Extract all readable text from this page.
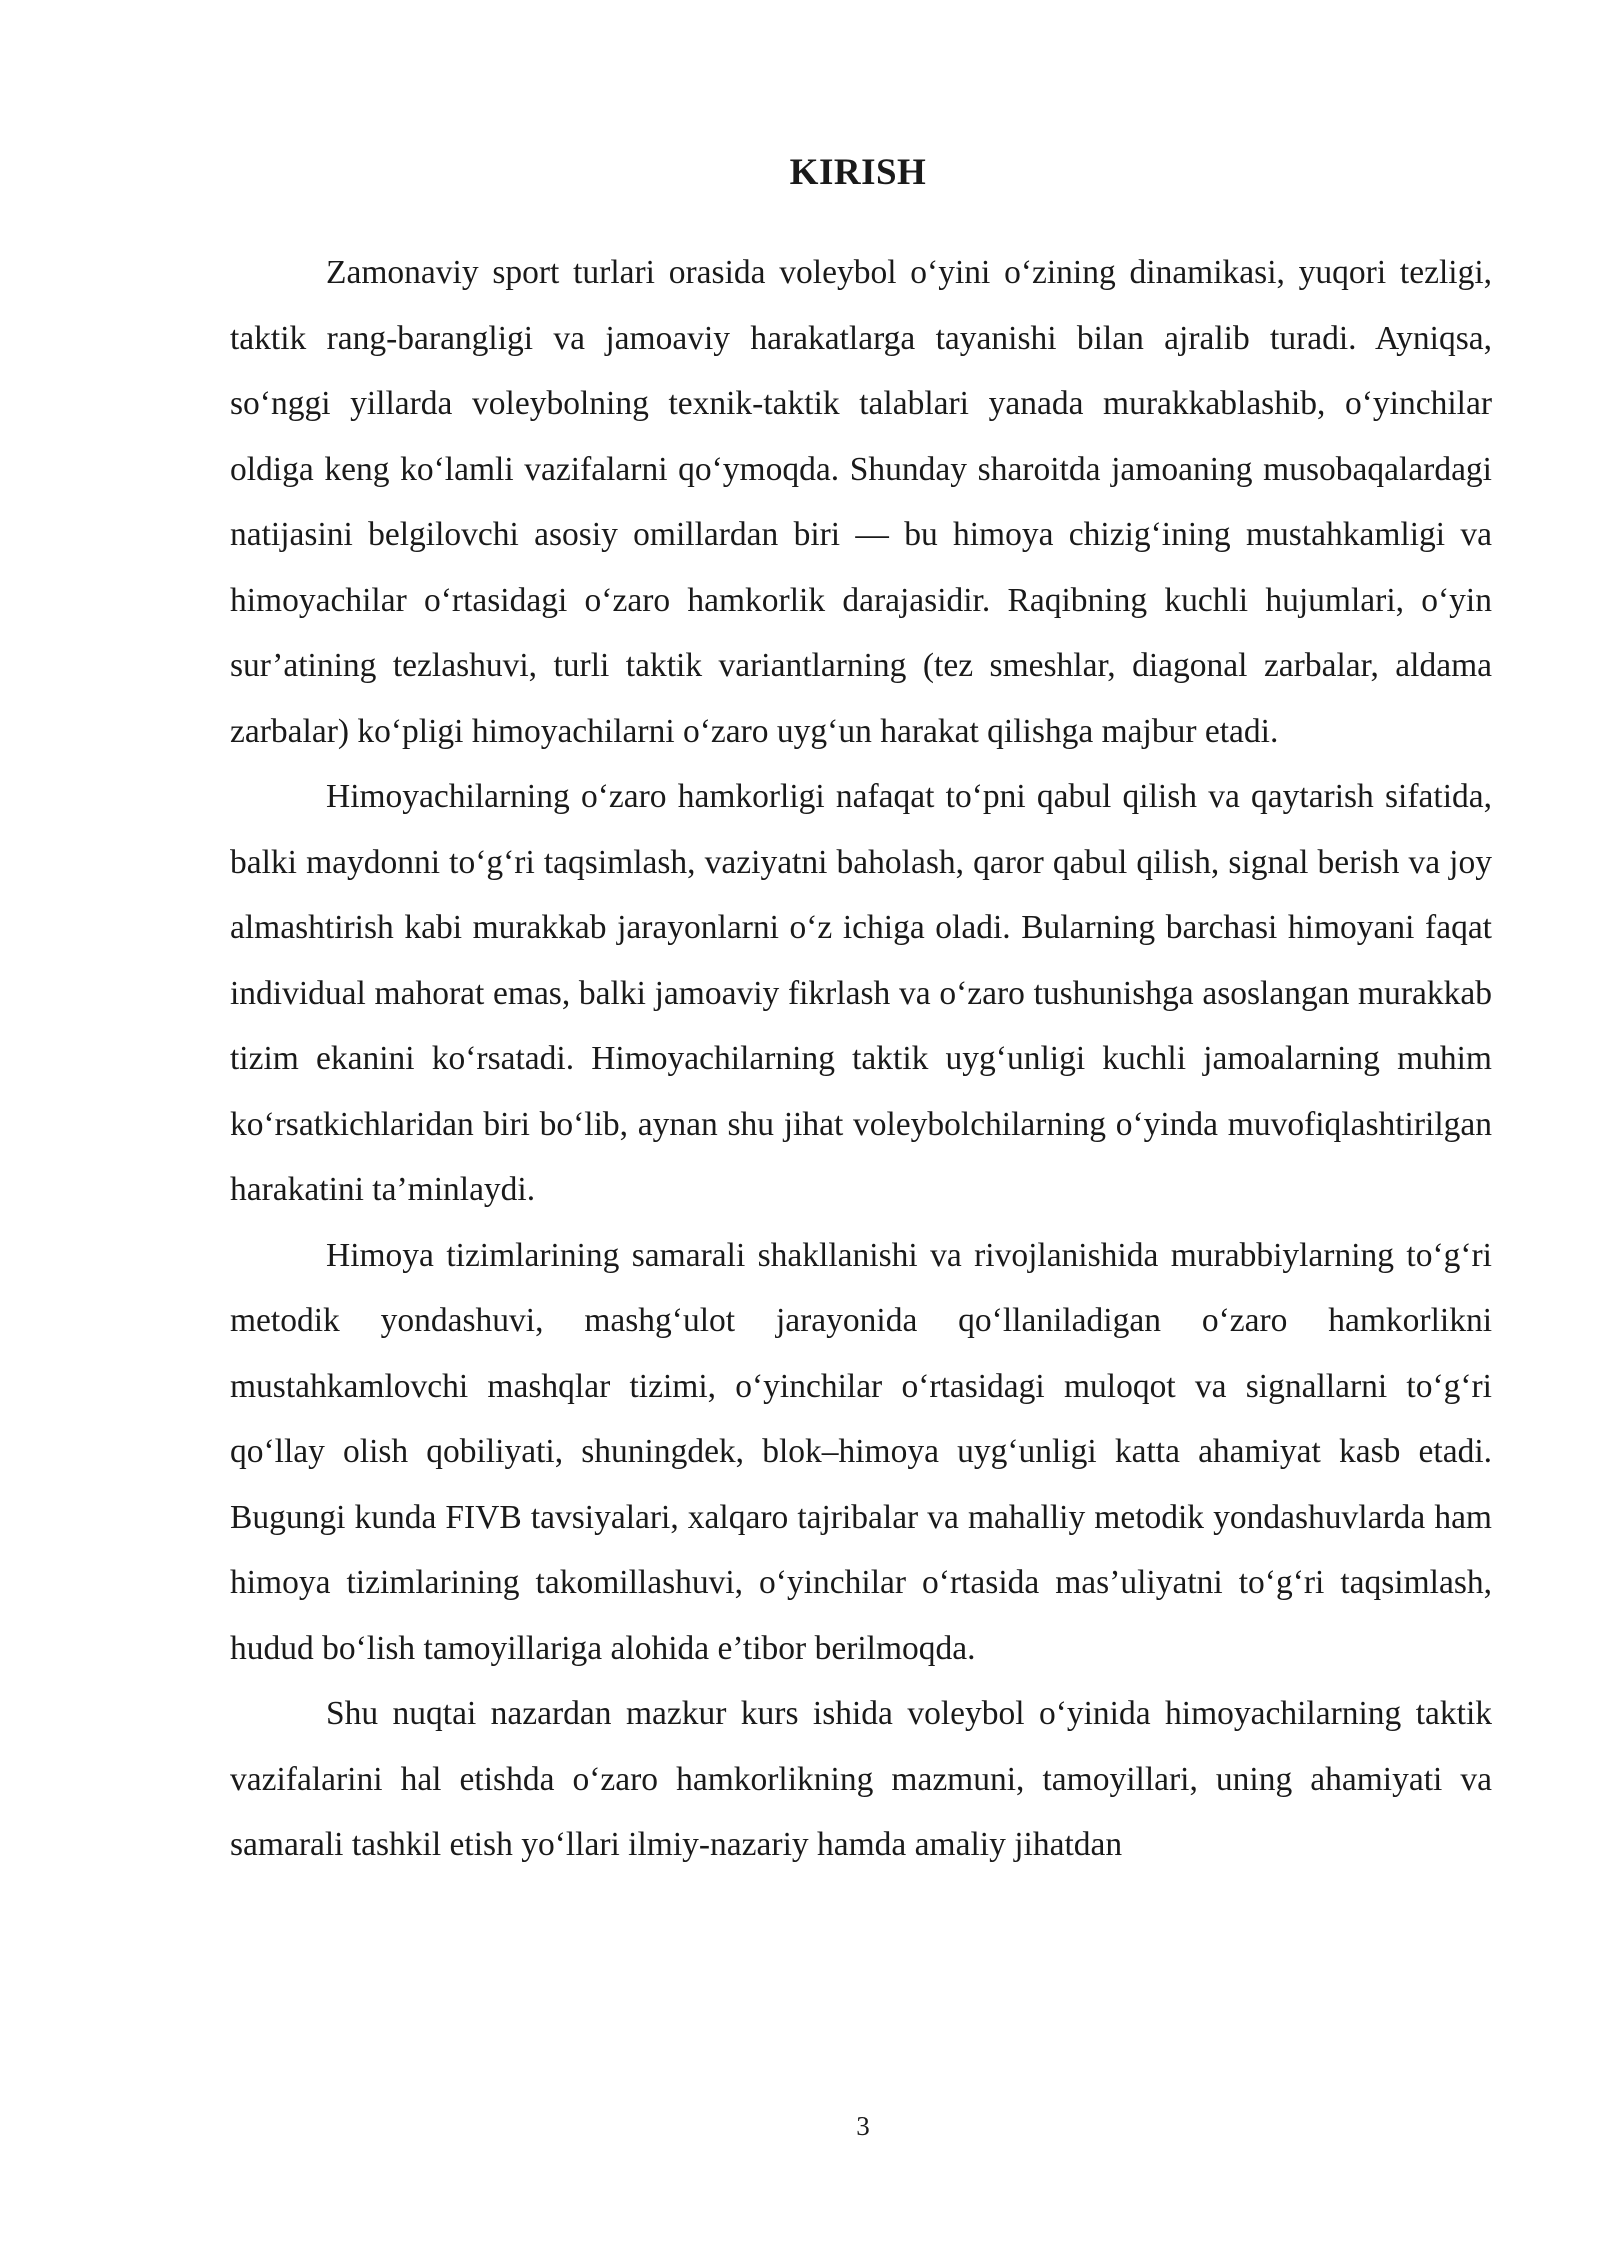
KIRISH

Zamonaviy sport turlari orasida voleybol o‘yini o‘zining dinamikasi, yuqori tezligi, taktik rang-barangligi va jamoaviy harakatlarga tayanishi bilan ajralib turadi. Ayniqsa, so‘nggi yillarda voleybolning texnik-taktik talablari yanada murakkablashib, o‘yinchilar oldiga keng ko‘lamli vazifalarni qo‘ymoqda. Shunday sharoitda jamoaning musobaqalardagi natijasini belgilovchi asosiy omillardan biri — bu himoya chizig‘ining mustahkamligi va himoyachilar o‘rtasidagi o‘zaro hamkorlik darajasidir. Raqibning kuchli hujumlari, o‘yin sur’atining tezlashuvi, turli taktik variantlarning (tez smeshlar, diagonal zarbalar, aldama zarbalar) ko‘pligi himoyachilarni o‘zaro uyg‘un harakat qilishga majbur etadi.

Himoyachilarning o‘zaro hamkorligi nafaqat to‘pni qabul qilish va qaytarish sifatida, balki maydonni to‘g‘ri taqsimlash, vaziyatni baholash, qaror qabul qilish, signal berish va joy almashtirish kabi murakkab jarayonlarni o‘z ichiga oladi. Bularning barchasi himoyani faqat individual mahorat emas, balki jamoaviy fikrlash va o‘zaro tushunishga asoslangan murakkab tizim ekanini ko‘rsatadi. Himoyachilarning taktik uyg‘unligi kuchli jamoalarning muhim ko‘rsatkichlaridan biri bo‘lib, aynan shu jihat voleybolchilarning o‘yinda muvofiqlashtirilgan harakatini ta’minlaydi.

Himoya tizimlarining samarali shakllanishi va rivojlanishida murabbiylarning to‘g‘ri metodik yondashuvi, mashg‘ulot jarayonida qo‘llaniladigan o‘zaro hamkorlikni mustahkamlovchi mashqlar tizimi, o‘yinchilar o‘rtasidagi muloqot va signallarni to‘g‘ri qo‘llay olish qobiliyati, shuningdek, blok–himoya uyg‘unligi katta ahamiyat kasb etadi. Bugungi kunda FIVB tavsiyalari, xalqaro tajribalar va mahalliy metodik yondashuvlarda ham himoya tizimlarining takomillashuvi, o‘yinchilar o‘rtasida mas’uliyatni to‘g‘ri taqsimlash, hudud bo‘lish tamoyillariga alohida e’tibor berilmoqda.

Shu nuqtai nazardan mazkur kurs ishida voleybol o‘yinida himoyachilarning taktik vazifalarini hal etishda o‘zaro hamkorlikning mazmuni, tamoyillari, uning ahamiyati va samarali tashkil etish yo‘llari ilmiy-nazariy hamda amaliy jihatdan

3
